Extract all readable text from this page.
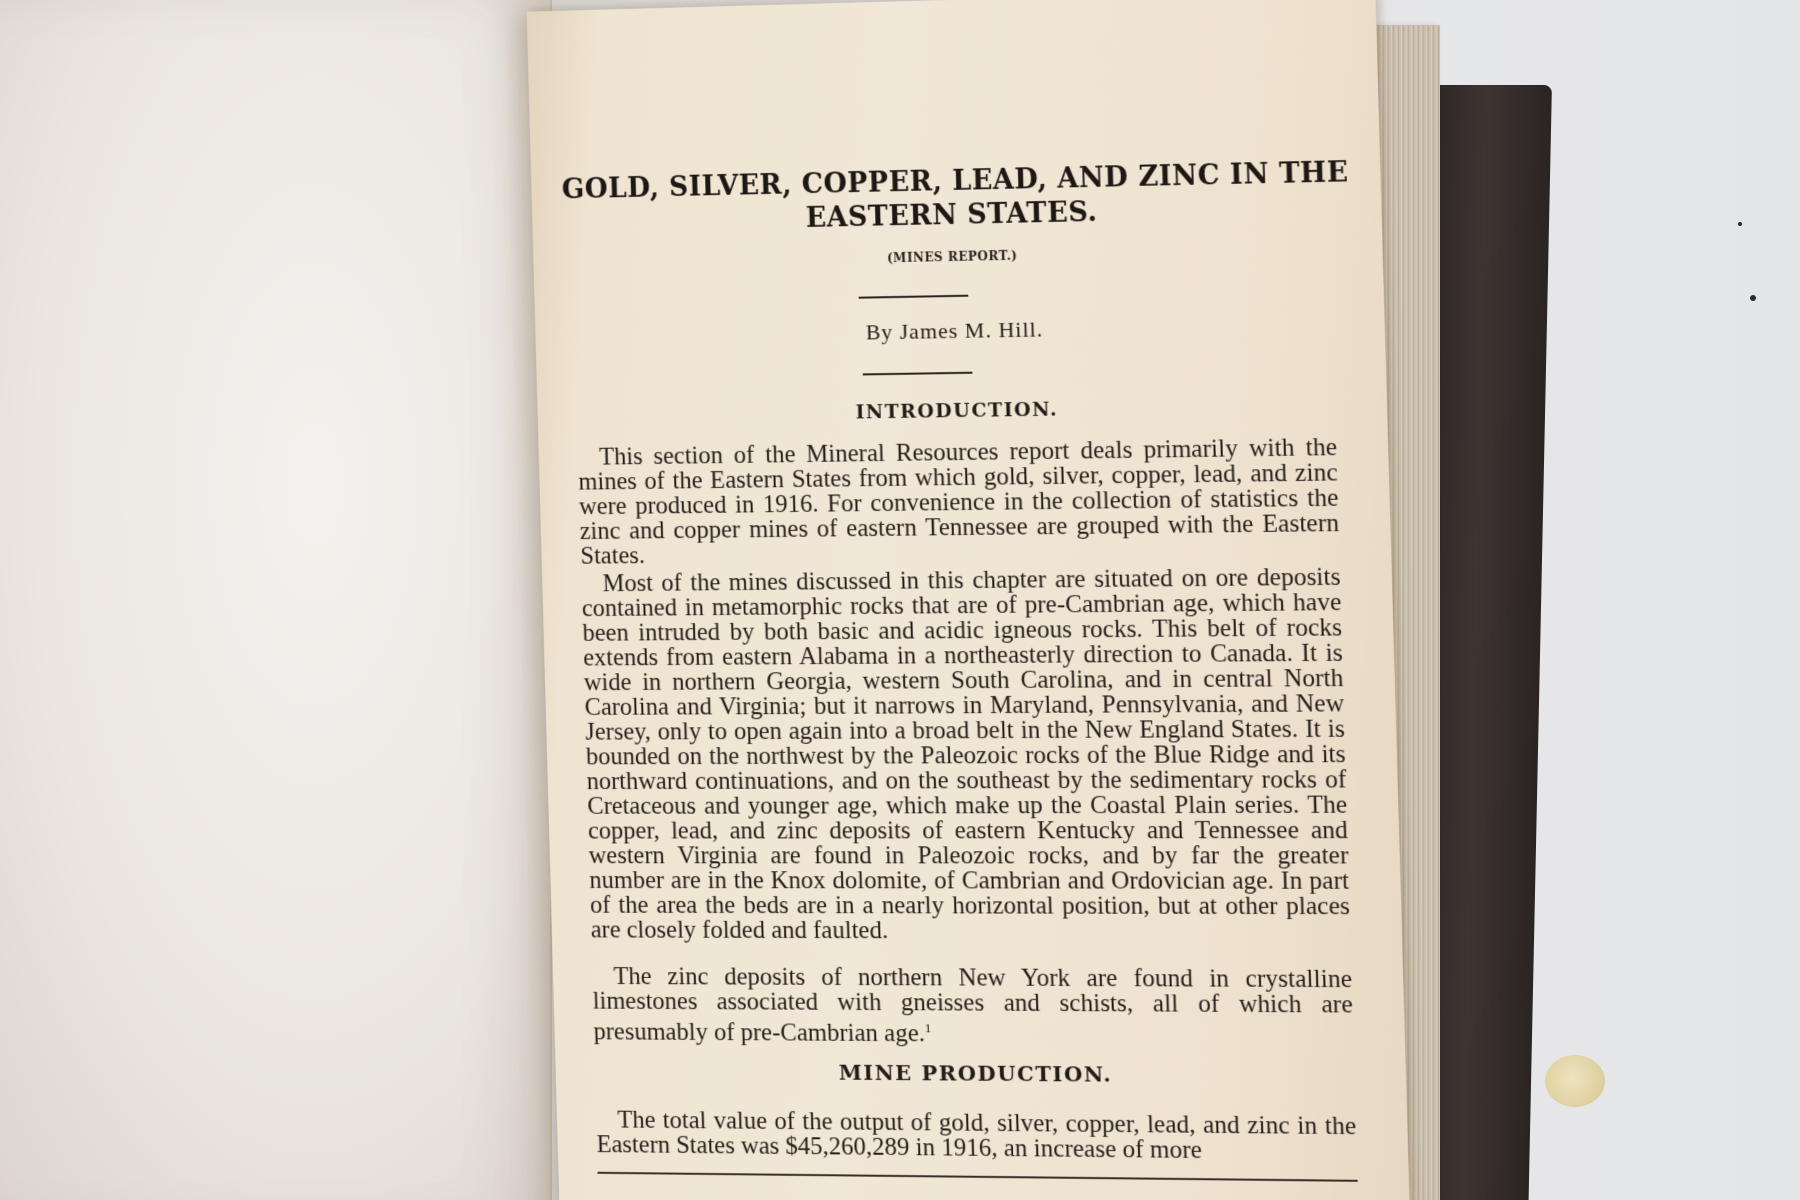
GOLD, SILVER, COPPER, LEAD, AND ZINC IN THE
EASTERN STATES.
(MINES REPORT.)
By James M. Hill.
INTRODUCTION.
This section of the Mineral Resources report deals primarily with the mines of the Eastern States from which gold, silver, copper, lead, and zinc were produced in 1916. For convenience in the collection of statistics the zinc and copper mines of eastern Tennessee are grouped with the Eastern States.
Most of the mines discussed in this chapter are situated on ore deposits contained in metamorphic rocks that are of pre-Cambrian age, which have been intruded by both basic and acidic igneous rocks. This belt of rocks extends from eastern Alabama in a northeasterly direction to Canada. It is wide in northern Georgia, western South Carolina, and in central North Carolina and Virginia; but it narrows in Maryland, Pennsylvania, and New Jersey, only to open again into a broad belt in the New England States. It is bounded on the northwest by the Paleozoic rocks of the Blue Ridge and its northward continuations, and on the southeast by the sedimentary rocks of Cretaceous and younger age, which make up the Coastal Plain series. The copper, lead, and zinc deposits of eastern Kentucky and Tennessee and western Virginia are found in Paleozoic rocks, and by far the greater number are in the Knox dolomite, of Cambrian and Ordovician age. In part of the area the beds are in a nearly horizontal position, but at other places are closely folded and faulted.
The zinc deposits of northern New York are found in crystalline limestones associated with gneisses and schists, all of which are presumably of pre-Cambrian age.$^1$
MINE PRODUCTION.
The total value of the output of gold, silver, copper, lead, and zinc in the Eastern States was $45,260,289 in 1916, an increase of more
